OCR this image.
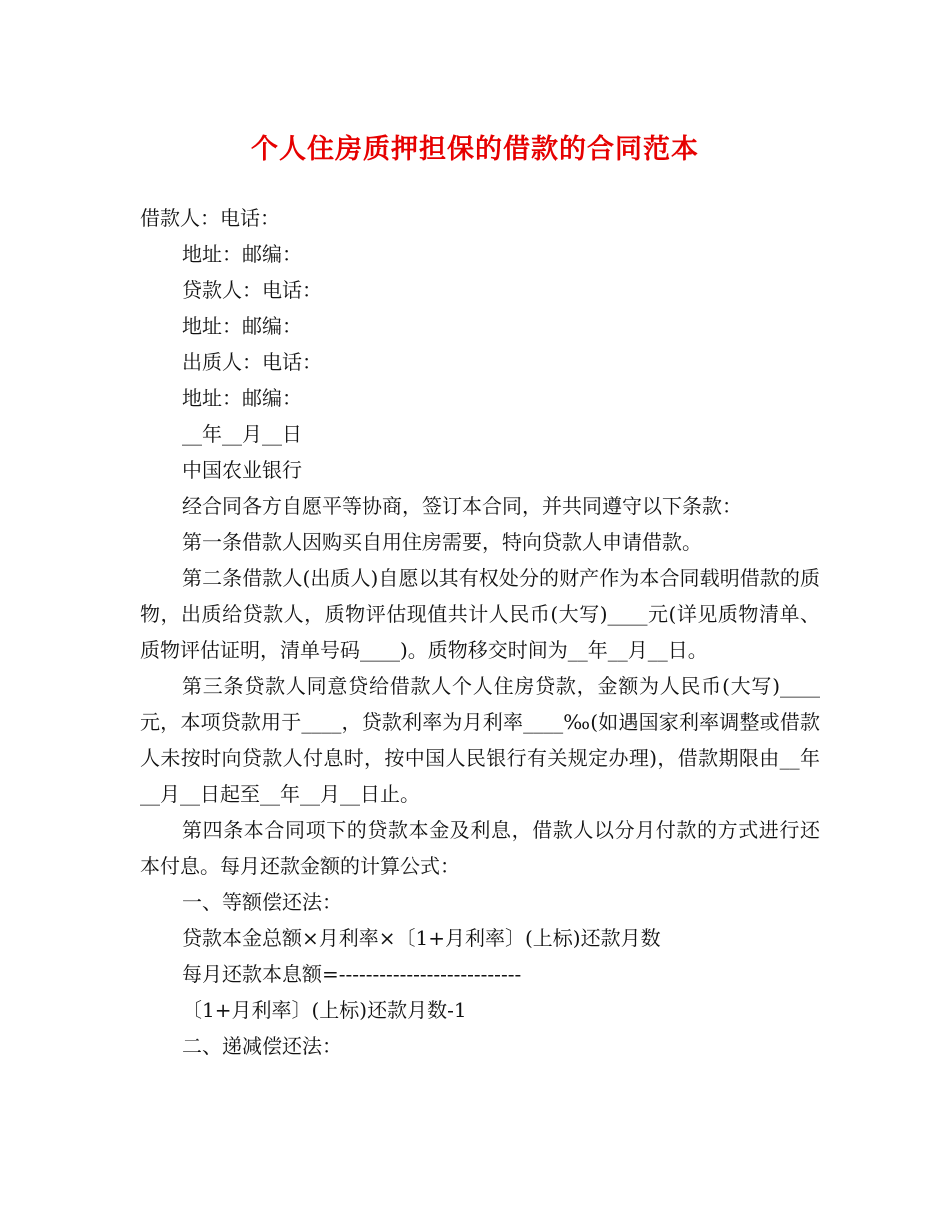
个人住房质押担保的借款的合同范本

借款人：电话：

地址：邮编：

贷款人：电话：

地址：邮编：

出质人：电话：

地址：邮编：

__年__月__日

中国农业银行

经合同各方自愿平等协商，签订本合同，并共同遵守以下条款：

第一条借款人因购买自用住房需要，特向贷款人申请借款。

第二条借款人(出质人)自愿以其有权处分的财产作为本合同载明借款的质物，出质给贷款人，质物评估现值共计人民币(大写)____元(详见质物清单、质物评估证明，清单号码____)。质物移交时间为__年__月__日。

第三条贷款人同意贷给借款人个人住房贷款，金额为人民币(大写)____元，本项贷款用于____，贷款利率为月利率____‰(如遇国家利率调整或借款人未按时向贷款人付息时，按中国人民银行有关规定办理)，借款期限由__年__月__日起至__年__月__日止。

第四条本合同项下的贷款本金及利息，借款人以分月付款的方式进行还本付息。每月还款金额的计算公式：

一、等额偿还法：

贷款本金总额×月利率×〔1+月利率〕(上标)还款月数

每月还款本息额=---------------------------

〔1+月利率〕(上标)还款月数-1

二、递减偿还法：
